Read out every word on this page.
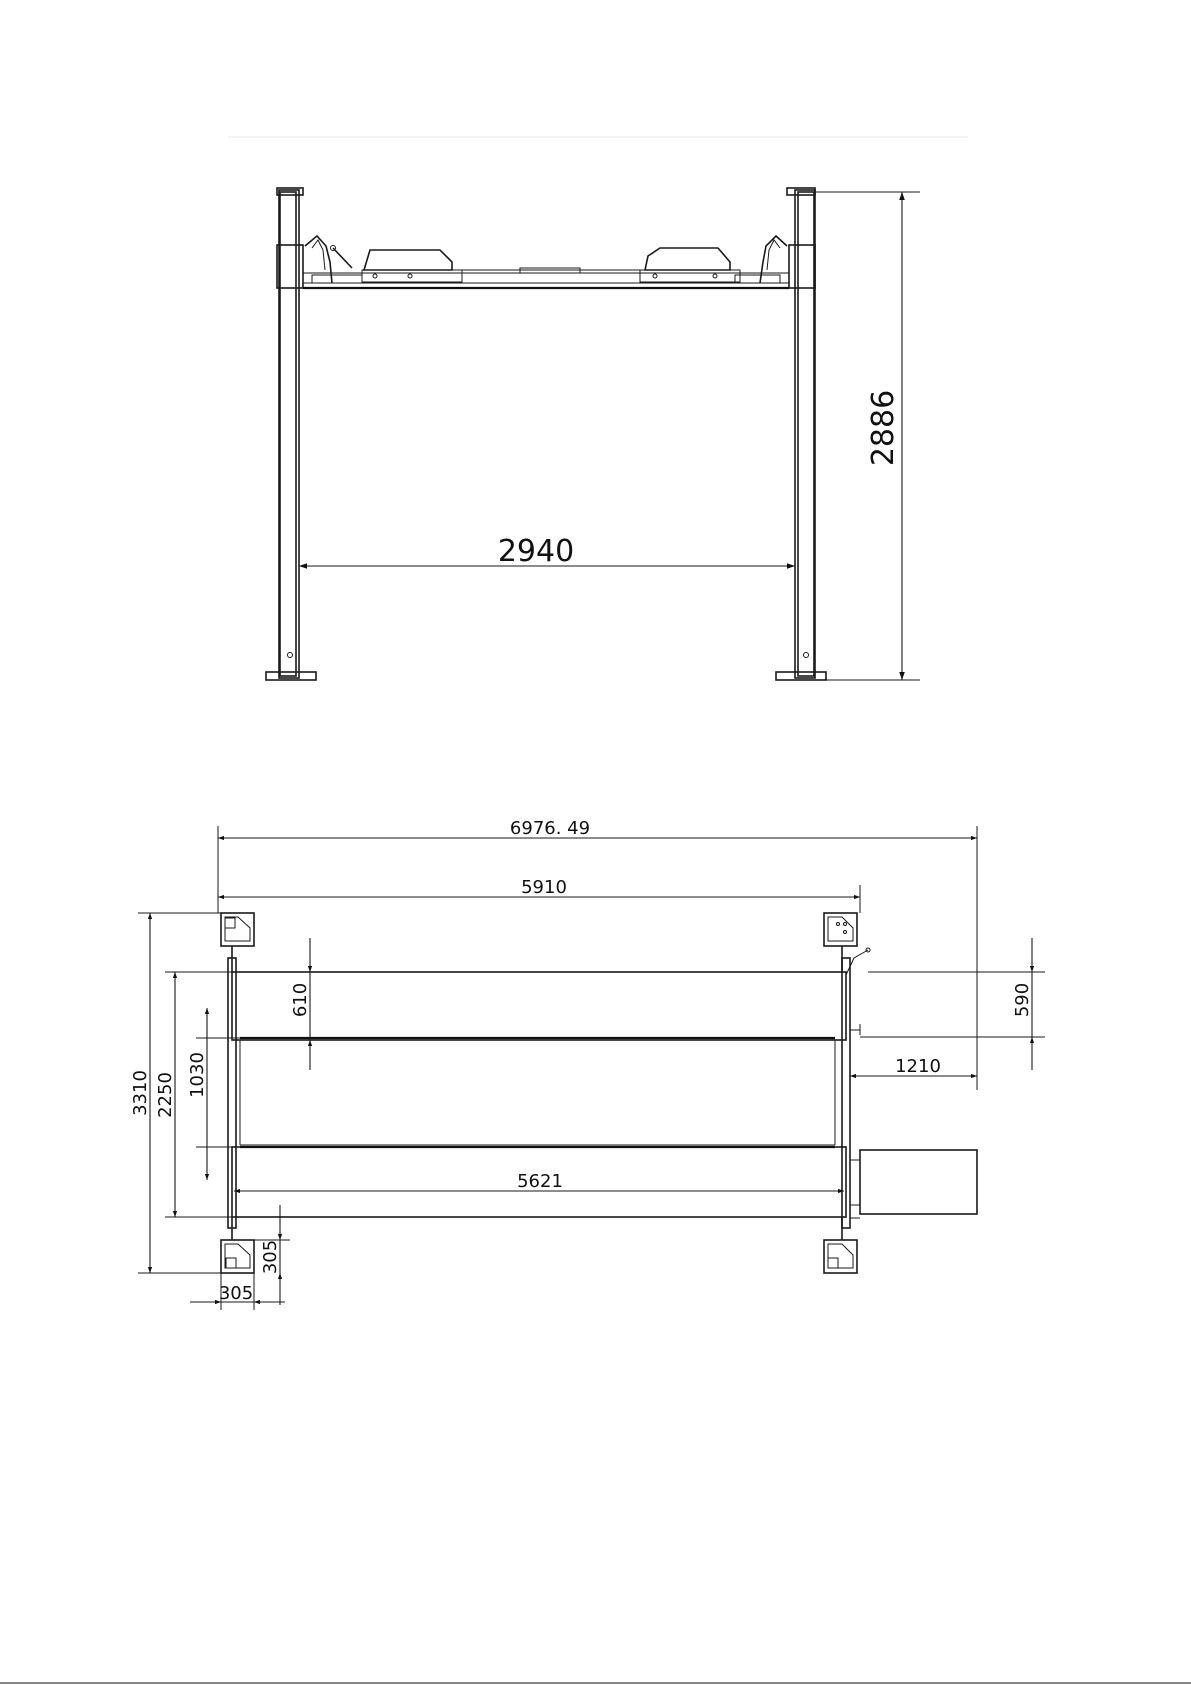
2940
2886
6976. 49
5910
5621
3310 2250 1030
610	590
1210
305
305
